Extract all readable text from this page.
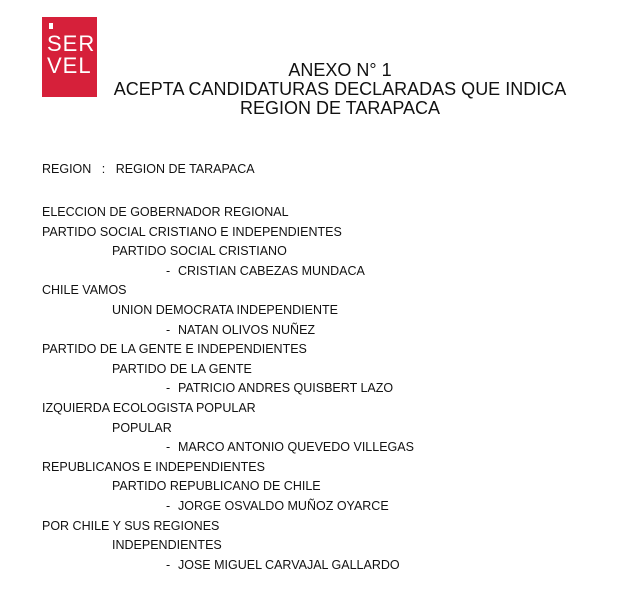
SER
VEL	ANEXO N° 1
ACEPTA CANDIDATURAS DECLARADAS QUE INDICA
REGION DE TARAPACA
REGION : REGION DE TARAPACA
ELECCION DE GOBERNADOR REGIONAL
PARTIDO SOCIAL CRISTIANO E INDEPENDIENTES
PARTIDO SOCIAL CRISTIANO
- CRISTIAN CABEZAS MUNDACA
CHILE VAMOS
UNION DEMOCRATA INDEPENDIENTE
- NATAN OLIVOS NUÑEZ
PARTIDO DE LA GENTE E INDEPENDIENTES
PARTIDO DE LA GENTE
- PATRICIO ANDRES QUISBERT LAZO
IZQUIERDA ECOLOGISTA POPULAR
POPULAR
- MARCO ANTONIO QUEVEDO VILLEGAS
REPUBLICANOS E INDEPENDIENTES
PARTIDO REPUBLICANO DE CHILE
- JORGE OSVALDO MUÑOZ OYARCE
POR CHILE Y SUS REGIONES
INDEPENDIENTES
- JOSE MIGUEL CARVAJAL GALLARDO
